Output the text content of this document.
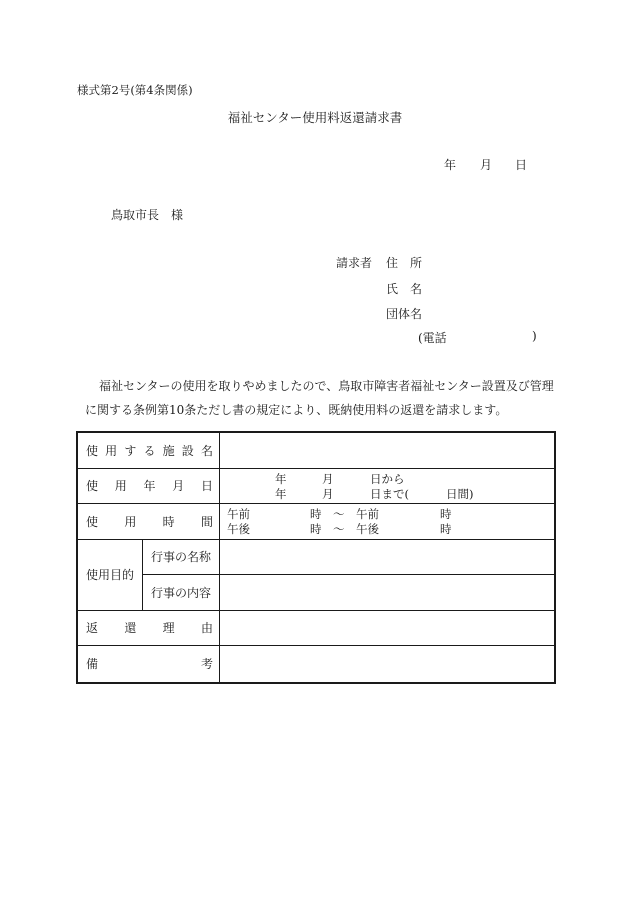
様式第2号(第4条関係)
福祉センター使用料返還請求書
年 月 日
鳥取市長 様
請求者 住　所
氏　名
団体名
(電話	)
福祉センターの使用を取りやめましたので、鳥取市障害者福祉センター設置及び管理に関する条例第10条ただし書の規定により、既納使用料の返還を請求します。
使 用 す る 施 設 名
使 用 年 月 日
年	月	日から
年	月	日まで(	日間)
使 用 時 間
午前	時 ～ 午前	時
午後	時 ～ 午後	時
使用目的
行事の名称
行事の内容
返 還 理 由
備	考
